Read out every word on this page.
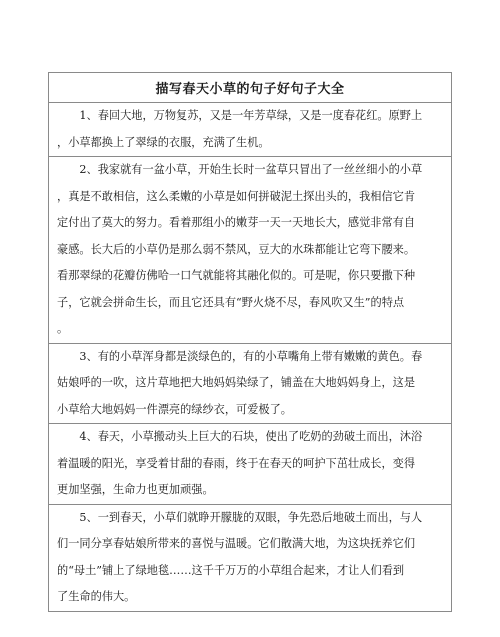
描写春天小草的句子好句子大全
1、春回大地，万物复苏，又是一年芳草绿，又是一度春花红。原野上
，小草都换上了翠绿的衣服，充满了生机。
2、我家就有一盆小草，开始生长时一盆草只冒出了一丝丝细小的小草
，真是不敢相信，这么柔嫩的小草是如何拼破泥土探出头的，我相信它肯
定付出了莫大的努力。看着那组小的嫩芽一天一天地长大，感觉非常有自
豪感。长大后的小草仍是那么弱不禁风，豆大的水珠都能让它弯下腰来。
看那翠绿的花瓣仿佛哈一口气就能将其融化似的。可是呢，你只要撒下种
子，它就会拼命生长，而且它还具有“野火烧不尽，春风吹又生”的特点
。
3、有的小草浑身都是淡绿色的，有的小草嘴角上带有嫩嫩的黄色。春
姑娘呼的一吹，这片草地把大地妈妈染绿了，铺盖在大地妈妈身上，这是
小草给大地妈妈一件漂亮的绿纱衣，可爱极了。
4、春天，小草搬动头上巨大的石块，使出了吃奶的劲破土而出，沐浴
着温暖的阳光，享受着甘甜的春雨，终于在春天的呵护下茁壮成长，变得
更加坚强，生命力也更加顽强。
5、一到春天，小草们就睁开朦胧的双眼，争先恐后地破土而出，与人
们一同分享春姑娘所带来的喜悦与温暖。它们散满大地，为这块抚养它们
的“母土”铺上了绿地毯……这千千万万的小草组合起来，才让人们看到
了生命的伟大。
